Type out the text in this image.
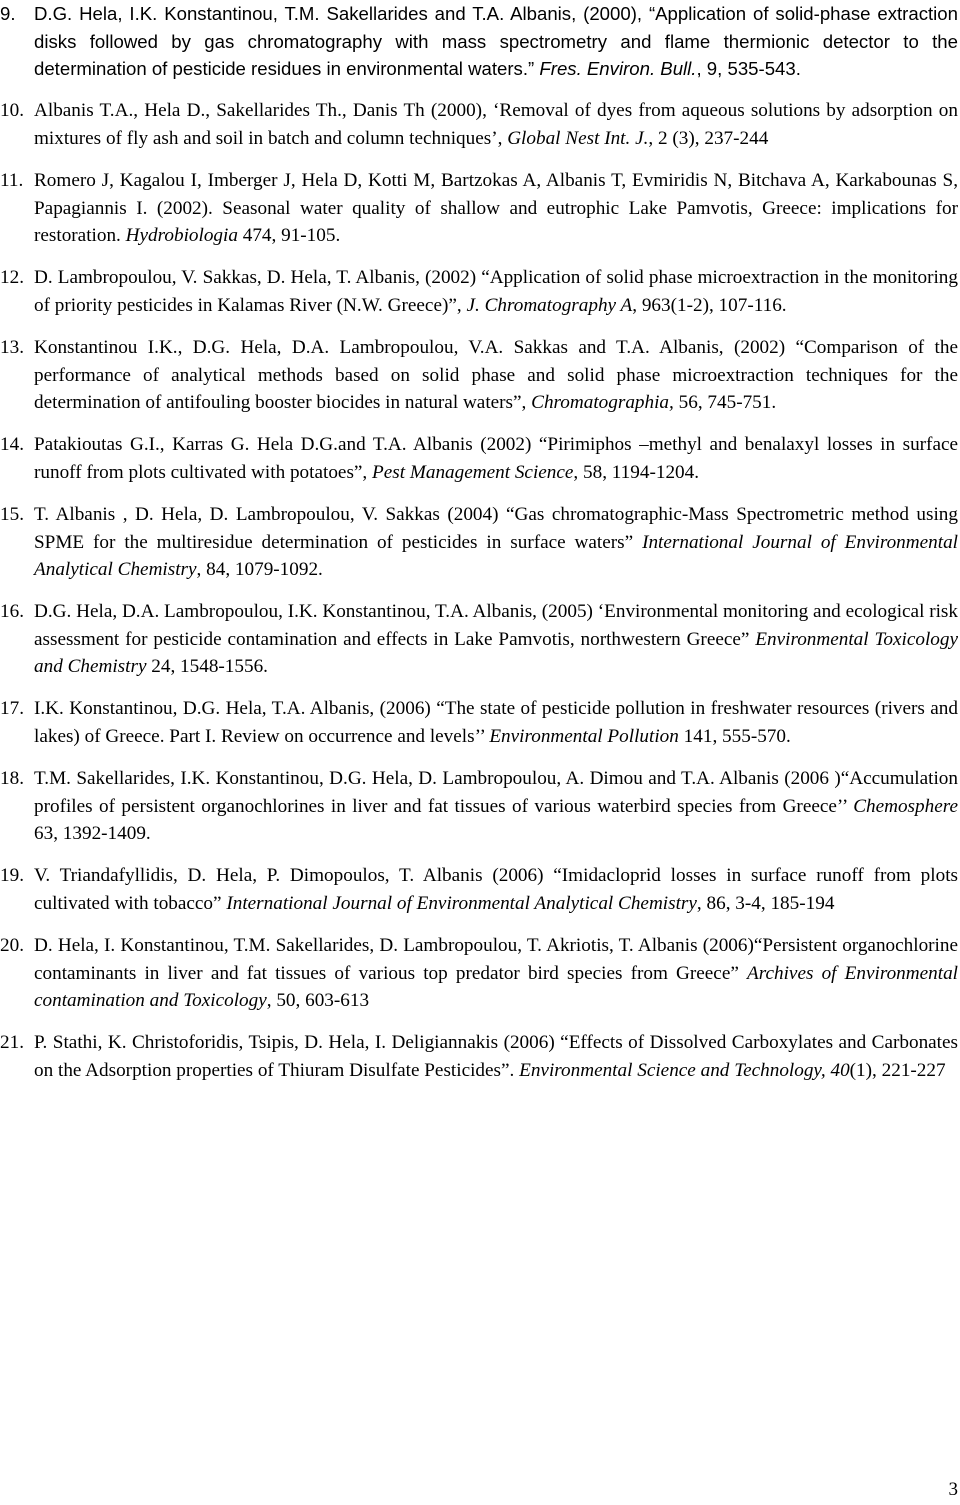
9. D.G. Hela, I.K. Konstantinou, T.M. Sakellarides and T.A. Albanis, (2000), “Application of solid-phase extraction disks followed by gas chromatography with mass spectrometry and flame thermionic detector to the determination of pesticide residues in environmental waters.” Fres. Environ. Bull., 9, 535-543.
10. Albanis T.A., Hela D., Sakellarides Th., Danis Th (2000), ‘Removal of dyes from aqueous solutions by adsorption on mixtures of fly ash and soil in batch and column techniques’, Global Nest Int. J., 2 (3), 237-244
11. Romero J, Kagalou I, Imberger J, Hela D, Kotti M, Bartzokas A, Albanis T, Evmiridis N, Bitchava A, Karkabounas S, Papagiannis I. (2002). Seasonal water quality of shallow and eutrophic Lake Pamvotis, Greece: implications for restoration. Hydrobiologia 474, 91-105.
12. D. Lambropoulou, V. Sakkas, D. Hela, T. Albanis, (2002) “Application of solid phase microextraction in the monitoring of priority pesticides in Kalamas River (N.W. Greece)”, J. Chromatography A, 963(1-2), 107-116.
13. Konstantinou I.K., D.G. Hela, D.A. Lambropoulou, V.A. Sakkas and T.A. Albanis, (2002) “Comparison of the performance of analytical methods based on solid phase and solid phase microextraction techniques for the determination of antifouling booster biocides in natural waters”, Chromatographia, 56, 745-751.
14. Patakioutas G.I., Karras G. Hela D.G.and T.A. Albanis (2002) “Pirimiphos –methyl and benalaxyl losses in surface runoff from plots cultivated with potatoes”, Pest Management Science, 58, 1194-1204.
15. T. Albanis , D. Hela, D. Lambropoulou, V. Sakkas (2004) “Gas chromatographic-Mass Spectrometric method using SPME for the multiresidue determination of pesticides in surface waters” International Journal of Environmental Analytical Chemistry, 84, 1079-1092.
16. D.G. Hela, D.A. Lambropoulou, I.K. Konstantinou, T.A. Albanis, (2005) ‘Environmental monitoring and ecological risk assessment for pesticide contamination and effects in Lake Pamvotis, northwestern Greece” Environmental Toxicology and Chemistry 24, 1548-1556.
17. I.K. Konstantinou, D.G. Hela, T.A. Albanis, (2006) “The state of pesticide pollution in freshwater resources (rivers and lakes) of Greece. Part I. Review on occurrence and levels’’ Environmental Pollution 141, 555-570.
18. T.M. Sakellarides, I.K. Konstantinou, D.G. Hela, D. Lambropoulou, A. Dimou and T.A. Albanis (2006 )“Accumulation profiles of persistent organochlorines in liver and fat tissues of various waterbird species from Greece’’ Chemosphere 63, 1392-1409.
19. V. Triandafyllidis, D. Hela, P. Dimopoulos, T. Albanis (2006) “Imidacloprid losses in surface runoff from plots cultivated with tobacco” International Journal of Environmental Analytical Chemistry, 86, 3-4, 185-194
20. D. Hela, I. Konstantinou, T.M. Sakellarides, D. Lambropoulou, T. Akriotis, T. Albanis (2006)“Persistent organochlorine contaminants in liver and fat tissues of various top predator bird species from Greece” Archives of Environmental contamination and Toxicology, 50, 603-613
21. P. Stathi, K. Christoforidis, Tsipis, D. Hela, I. Deligiannakis (2006) “Effects of Dissolved Carboxylates and Carbonates on the Adsorption properties of Thiuram Disulfate Pesticides”. Environmental Science and Technology, 40(1), 221-227
3
